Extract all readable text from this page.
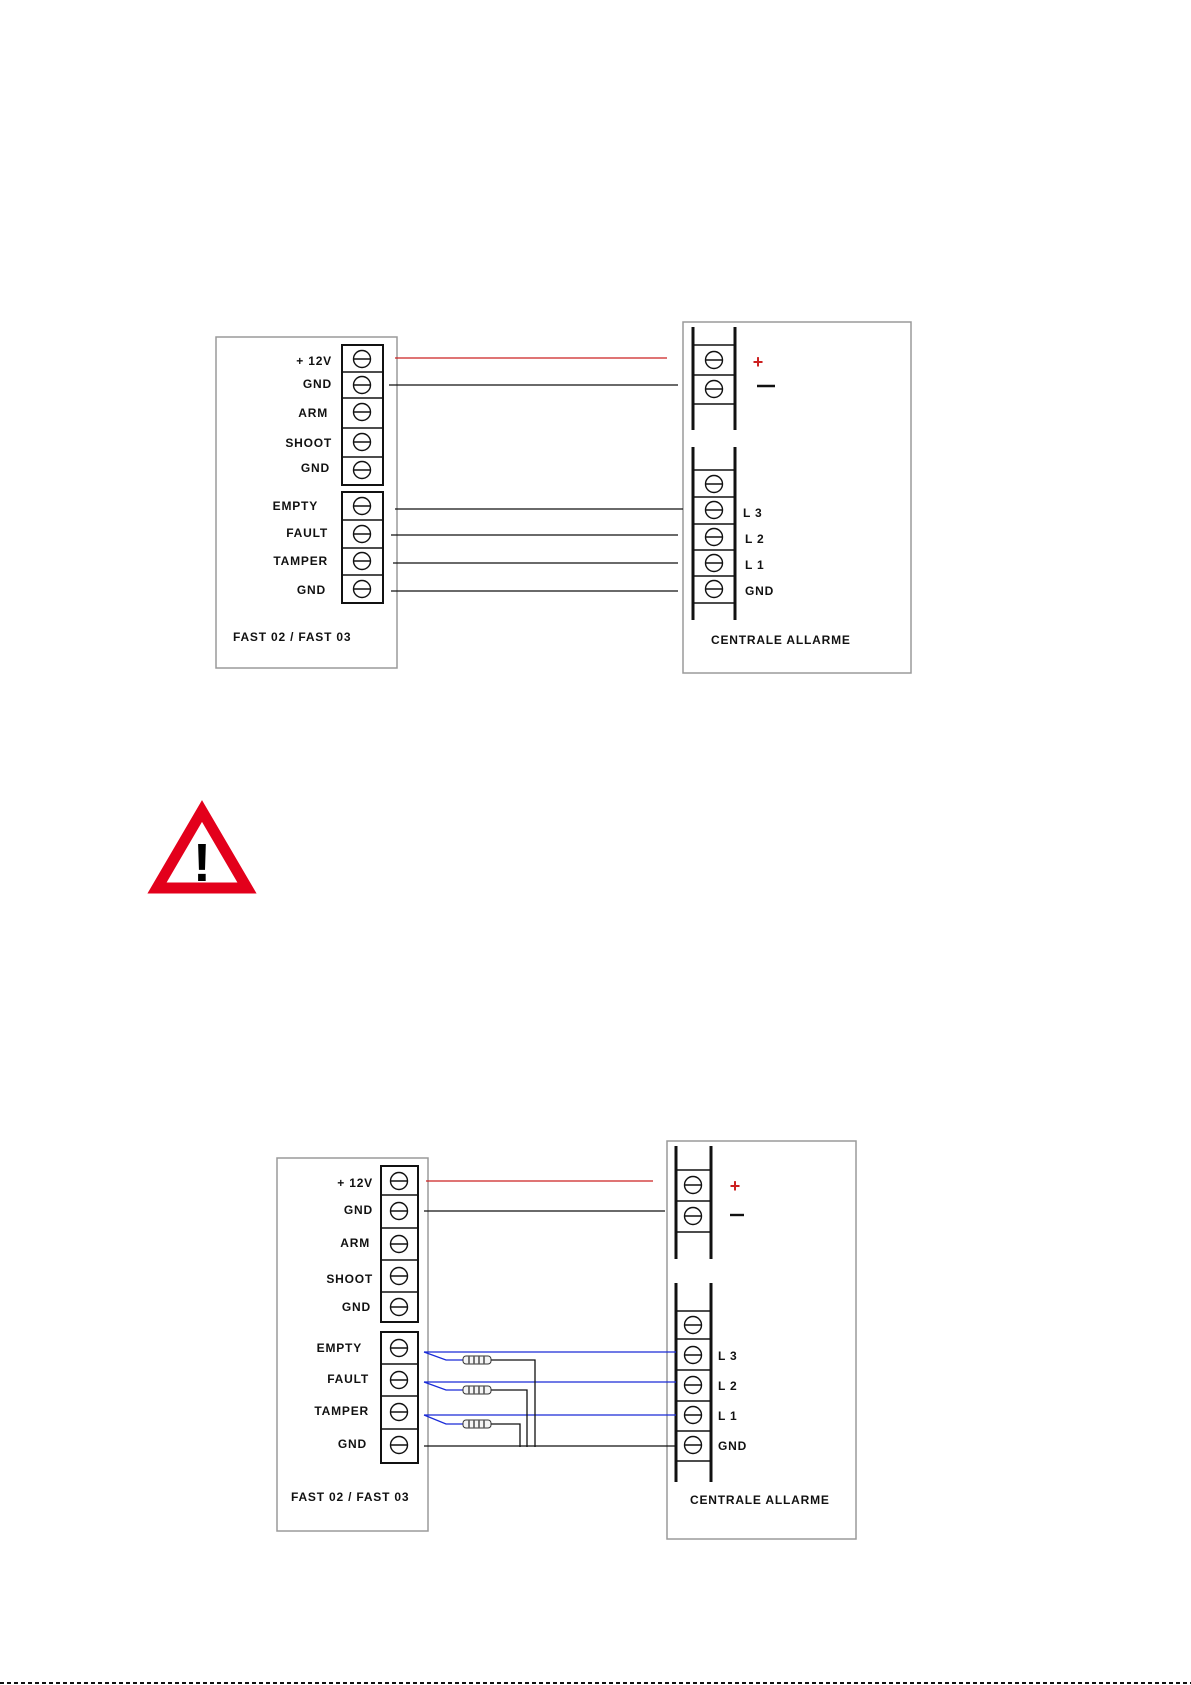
+ 12V
GND
ARM
SHOOT
GND
EMPTY
FAULT
TAMPER
GND
FAST 02 / FAST 03
+
L 3
L 2
L 1
GND
CENTRALE ALLARME
!
+ 12V
GND
ARM
SHOOT
GND
EMPTY
FAULT
TAMPER
GND
FAST 02 / FAST 03
+
L 3
L 2
L 1
GND
CENTRALE ALLARME
